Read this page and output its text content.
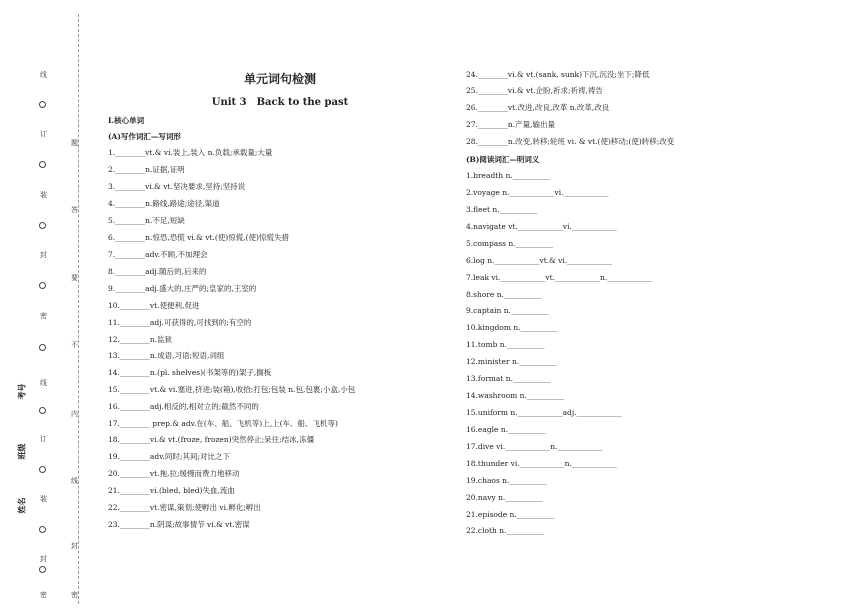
线
订
装
封
密
线
订
装
封
密
题
答
要
不
内
线
封
密
考号
班级
姓名
单元词句检测
Unit 3　Back to the past
Ⅰ.核心单词
(A)写作词汇—写词形
1.________vt.& vi.装上,装入 n.负载;承载量;大量
2.________n.证据,证明
3.________vi.& vt.坚决要求,坚持;坚持说
4.________n.路线,路途;途径,渠道
5.________n.不足,短缺
6.________n.惊恐,恐慌 vi.& vt.(使)惊慌,(使)惊慌失措
7.________adv.不顾,不加理会
8.________adj.随后的,后来的
9.________adj.盛大的,庄严的;皇家的,王室的
10.________vt.使便利,促进
11.________adj.可获得的,可找到的;有空的
12.________n.监狱
13.________n.成语,习语;短语,词组
14.________n.(pl. shelves)(书架等的)架子,搁板
15.________vt.& vi.塞进,挤进;装(箱),收拾;打包;包装 n.包,包裹;小盒,小包
16.________adj.相反的,相对立的;截然不同的
17.________ prep.& adv.在(车、船、飞机等)上,上(车、船、飞机等)
18.________vi.& vt.(froze, frozen)突然停止;呆住;结冰,冻僵
19.________adv.同时;其间;对比之下
20.________vt.拖,拉;缓慢而费力地移动
21.________vi.(bled, bled)失血,流血
22.________vt.密谋,策划;使孵出 vi.孵化;孵出
23.________n.阴谋;故事情节 vi.& vt.密谋
24.________vi.& vt.(sank, sunk)下沉,沉没;坐下;降低
25.________vi.& vt.企盼,祈求;祈祷,祷告
26.________vt.改进,改良,改革 n.改革,改良
27.________n.产量,输出量
28.________n.改变,转移;轮班 vi. & vt.(使)移动;(使)转移;改变
(B)阅读词汇—明词义
1.breadth n.__________
2.voyage n.____________vi.____________
3.fleet n.__________
4.navigate vt.____________vi.____________
5.compass n.__________
6.log n.____________vt.& vi.____________
7.leak vi.____________vt.____________n.____________
8.shore n.__________
9.captain n.__________
10.kingdom n.__________
11.tomb n.__________
12.minister n.__________
13.format n.__________
14.washroom n.__________
15.uniform n.____________adj.____________
16.eagle n.__________
17.dive vi.____________n.____________
18.thunder vi.____________n.____________
19.chaos n.__________
20.navy n.__________
21.episode n.__________
22.cloth n.__________
